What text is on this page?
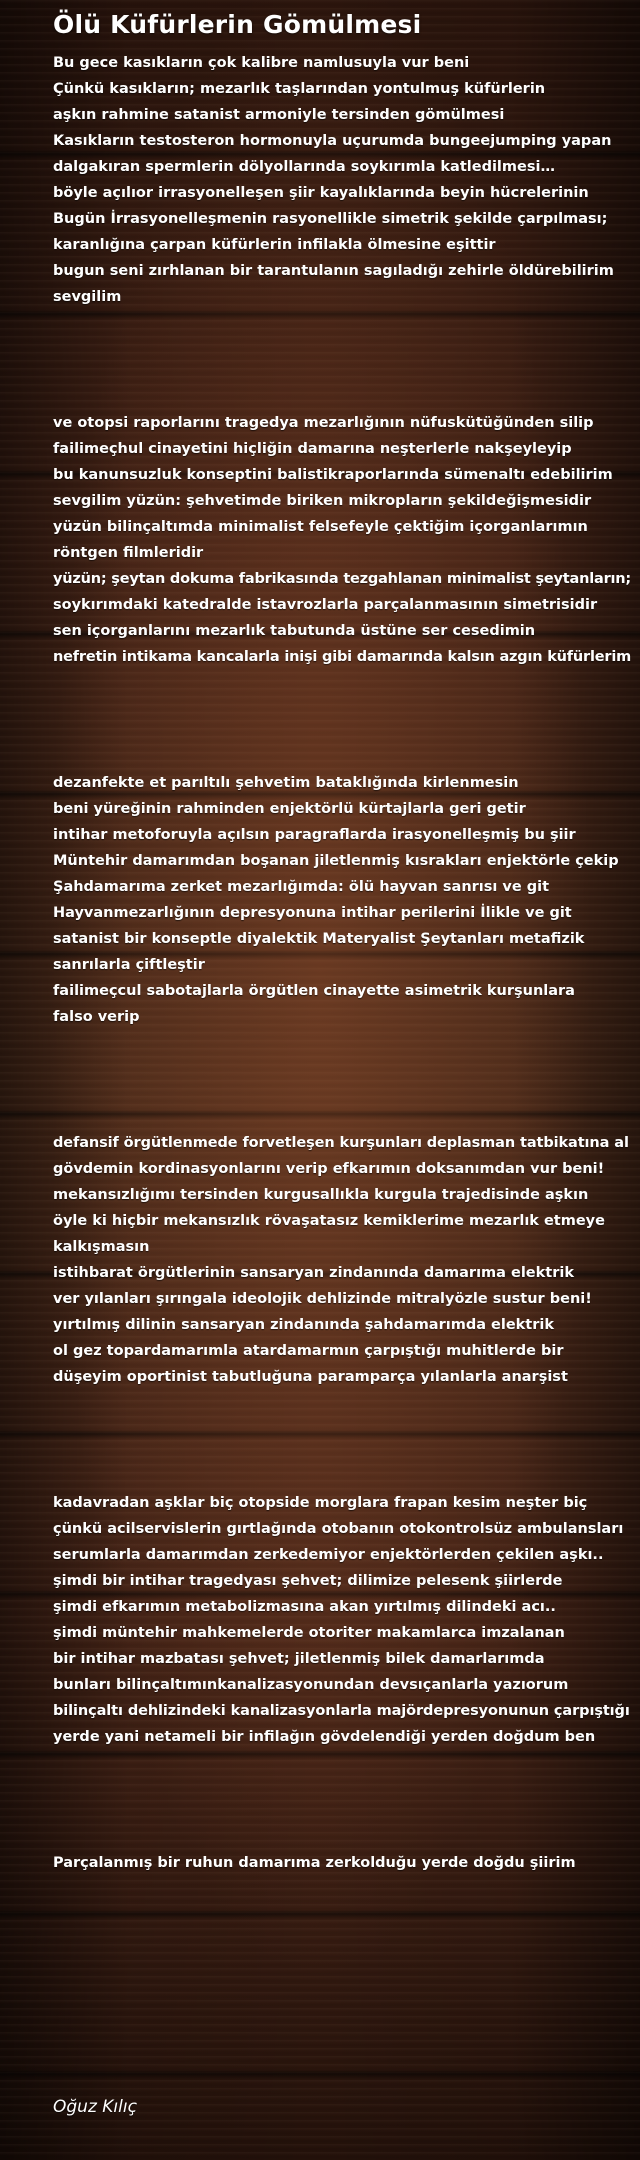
Ölü Küfürlerin Gömülmesi
Bu gece kasıkların çok kalibre namlusuyla vur beni
Çünkü kasıkların; mezarlık taşlarından yontulmuş küfürlerin
aşkın rahmine satanist armoniyle tersinden gömülmesi
Kasıkların testosteron hormonuyla uçurumda bungeejumping yapan
dalgakıran spermlerin dölyollarında soykırımla katledilmesi…
böyle açılıor irrasyonelleşen şiir kayalıklarında beyin hücrelerinin
Bugün İrrasyonelleşmenin rasyonellikle simetrik şekilde çarpılması;
karanlığına çarpan küfürlerin infilakla ölmesine eşittir
bugun seni zırhlanan bir tarantulanın sagıladığı zehirle öldürebilirim
sevgilim
ve otopsi raporlarını tragedya mezarlığının nüfuskütüğünden silip
failimeçhul cinayetini hiçliğin damarına neşterlerle nakşeyleyip
bu kanunsuzluk konseptini balistikraporlarında sümenaltı edebilirim
sevgilim yüzün: şehvetimde biriken mikropların şekildeğişmesidir
yüzün bilinçaltımda minimalist felsefeyle çektiğim içorganlarımın
röntgen filmleridir
yüzün; şeytan dokuma fabrikasında tezgahlanan minimalist şeytanların;
soykırımdaki katedralde istavrozlarla parçalanmasının simetrisidir
sen içorganlarını mezarlık tabutunda üstüne ser cesedimin
nefretin intikama kancalarla inişi gibi damarında kalsın azgın küfürlerim
dezanfekte et parıltılı şehvetim bataklığında kirlenmesin
beni yüreğinin rahminden enjektörlü kürtajlarla geri getir
intihar metoforuyla açılsın paragraflarda irasyonelleşmiş bu şiir
Müntehir damarımdan boşanan jiletlenmiş kısrakları enjektörle çekip
Şahdamarıma zerket mezarlığımda: ölü hayvan sanrısı ve git
Hayvanmezarlığının depresyonuna intihar perilerini İlikle ve git
satanist bir konseptle diyalektik Materyalist Şeytanları metafizik
sanrılarla çiftleştir
failimeçcul sabotajlarla örgütlen cinayette asimetrik kurşunlara
falso verip
defansif örgütlenmede forvetleşen kurşunları deplasman tatbikatına al
gövdemin kordinasyonlarını verip efkarımın doksanımdan vur beni!
mekansızlığımı tersinden kurgusallıkla kurgula trajedisinde aşkın
öyle ki hiçbir mekansızlık rövaşatasız kemiklerime mezarlık etmeye
kalkışmasın
istihbarat örgütlerinin sansaryan zindanında damarıma elektrik
ver yılanları şırıngala ideolojik dehlizinde mitralyözle sustur beni!
yırtılmış dilinin sansaryan zindanında şahdamarımda elektrik
ol gez topardamarımla atardamarmın çarpıştığı muhitlerde bir
düşeyim oportinist tabutluğuna paramparça yılanlarla anarşist
kadavradan aşklar biç otopside morglara frapan kesim neşter biç
çünkü acilservislerin gırtlağında otobanın otokontrolsüz ambulansları
serumlarla damarımdan zerkedemiyor enjektörlerden çekilen aşkı..
şimdi bir intihar tragedyası şehvet; dilimize pelesenk şiirlerde
şimdi efkarımın metabolizmasına akan yırtılmış dilindeki acı..
şimdi müntehir mahkemelerde otoriter makamlarca imzalanan
bir intihar mazbatası şehvet; jiletlenmiş bilek damarlarımda
bunları bilinçaltımınkanalizasyonundan devsıçanlarla yazıorum
bilinçaltı dehlizindeki kanalizasyonlarla majördepresyonunun çarpıştığı
yerde yani netameli bir infilağın gövdelendiği yerden doğdum ben
Parçalanmış bir ruhun damarıma zerkolduğu yerde doğdu şiirim

Oğuz Kılıç
